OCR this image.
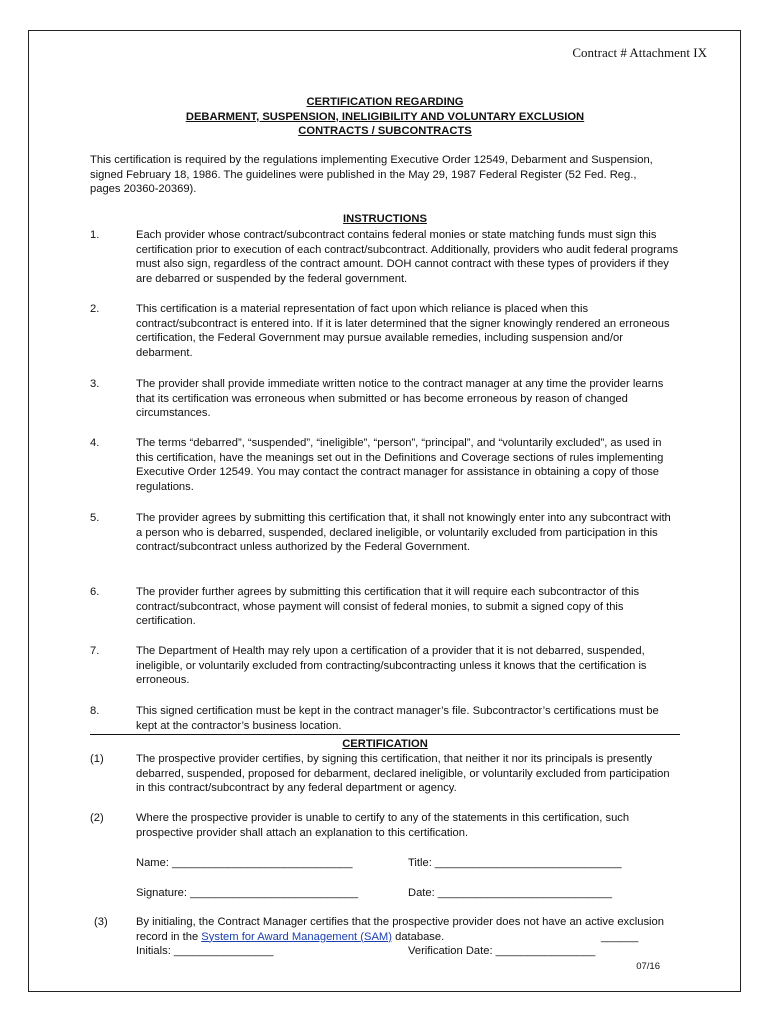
Contract # Attachment IX
CERTIFICATION REGARDING
DEBARMENT, SUSPENSION, INELIGIBILITY AND VOLUNTARY EXCLUSION
CONTRACTS / SUBCONTRACTS
This certification is required by the regulations implementing Executive Order 12549, Debarment and Suspension, signed February 18, 1986. The guidelines were published in the May 29, 1987 Federal Register (52 Fed. Reg., pages 20360-20369).
INSTRUCTIONS
1.	Each provider whose contract/subcontract contains federal monies or state matching funds must sign this certification prior to execution of each contract/subcontract. Additionally, providers who audit federal programs must also sign, regardless of the contract amount. DOH cannot contract with these types of providers if they are debarred or suspended by the federal government.
2.	This certification is a material representation of fact upon which reliance is placed when this contract/subcontract is entered into. If it is later determined that the signer knowingly rendered an erroneous certification, the Federal Government may pursue available remedies, including suspension and/or debarment.
3.	The provider shall provide immediate written notice to the contract manager at any time the provider learns that its certification was erroneous when submitted or has become erroneous by reason of changed circumstances.
4.	The terms “debarred”, “suspended”, “ineligible”, “person”, “principal”, and “voluntarily excluded”, as used in this certification, have the meanings set out in the Definitions and Coverage sections of rules implementing Executive Order 12549. You may contact the contract manager for assistance in obtaining a copy of those regulations.
5.	The provider agrees by submitting this certification that, it shall not knowingly enter into any subcontract with a person who is debarred, suspended, declared ineligible, or voluntarily excluded from participation in this contract/subcontract unless authorized by the Federal Government.
6.	The provider further agrees by submitting this certification that it will require each subcontractor of this contract/subcontract, whose payment will consist of federal monies, to submit a signed copy of this certification.
7.	The Department of Health may rely upon a certification of a provider that it is not debarred, suspended, ineligible, or voluntarily excluded from contracting/subcontracting unless it knows that the certification is erroneous.
8.	This signed certification must be kept in the contract manager’s file. Subcontractor’s certifications must be kept at the contractor’s business location.
CERTIFICATION
(1)	The prospective provider certifies, by signing this certification, that neither it nor its principals is presently debarred, suspended, proposed for debarment, declared ineligible, or voluntarily excluded from participation in this contract/subcontract by any federal department or agency.
(2)	Where the prospective provider is unable to certify to any of the statements in this certification, such prospective provider shall attach an explanation to this certification.
Name: _____________________________	Title: ______________________________
Signature: ___________________________	Date: ____________________________
(3)	By initialing, the Contract Manager certifies that the prospective provider does not have an active exclusion record in the System for Award Management (SAM) database.	______
Initials: ________________	Verification Date: ________________
07/16
